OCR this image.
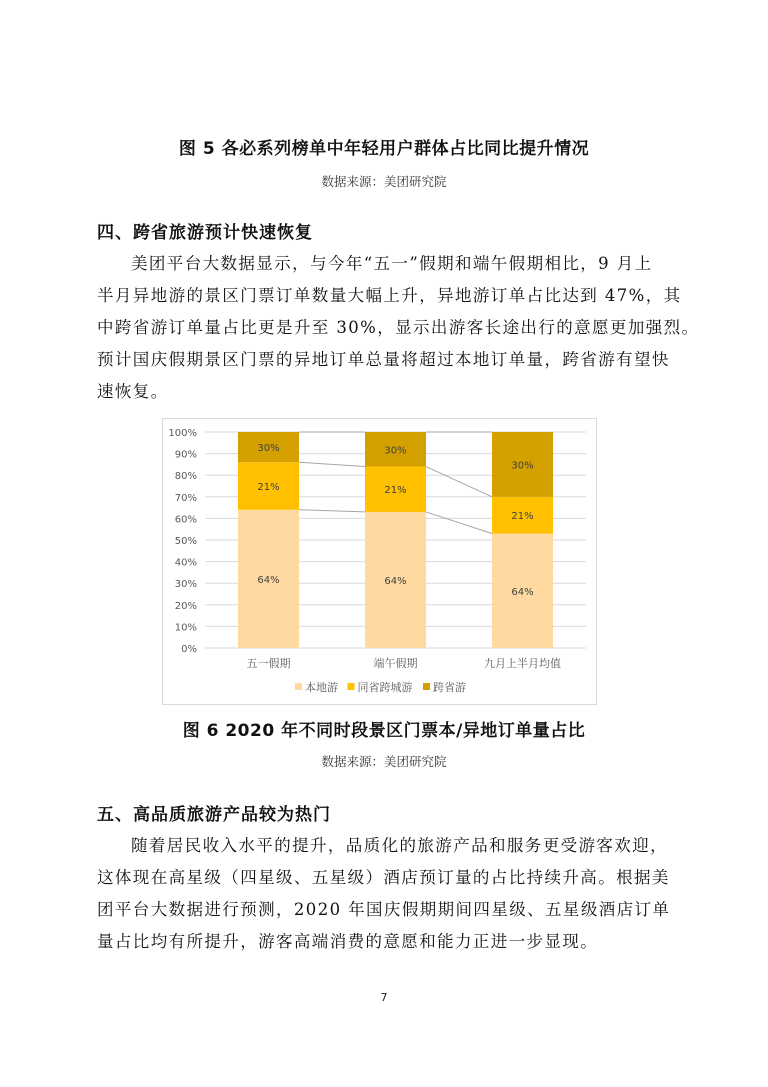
图 5 各必系列榜单中年轻用户群体占比同比提升情况
数据来源：美团研究院
四、跨省旅游预计快速恢复
美团平台大数据显示，与今年“五一”假期和端午假期相比，9 月上
半月异地游的景区门票订单数量大幅上升，异地游订单占比达到 47%，其
中跨省游订单量占比更是升至 30%，显示出游客长途出行的意愿更加强烈。
预计国庆假期景区门票的异地订单总量将超过本地订单量，跨省游有望快
速恢复。
0%
10%
20%
30%
40%
50%
60%
70%
80%
90%
100%
64%
21%
30%
五一假期
64%
21%
30%
端午假期
64%
21%
30%
九月上半月均值
本地游 同省跨城游 跨省游
图 6 2020 年不同时段景区门票本/异地订单量占比
数据来源：美团研究院
五、高品质旅游产品较为热门
随着居民收入水平的提升，品质化的旅游产品和服务更受游客欢迎，
这体现在高星级（四星级、五星级）酒店预订量的占比持续升高。根据美
团平台大数据进行预测，2020 年国庆假期期间四星级、五星级酒店订单
量占比均有所提升，游客高端消费的意愿和能力正进一步显现。
7
